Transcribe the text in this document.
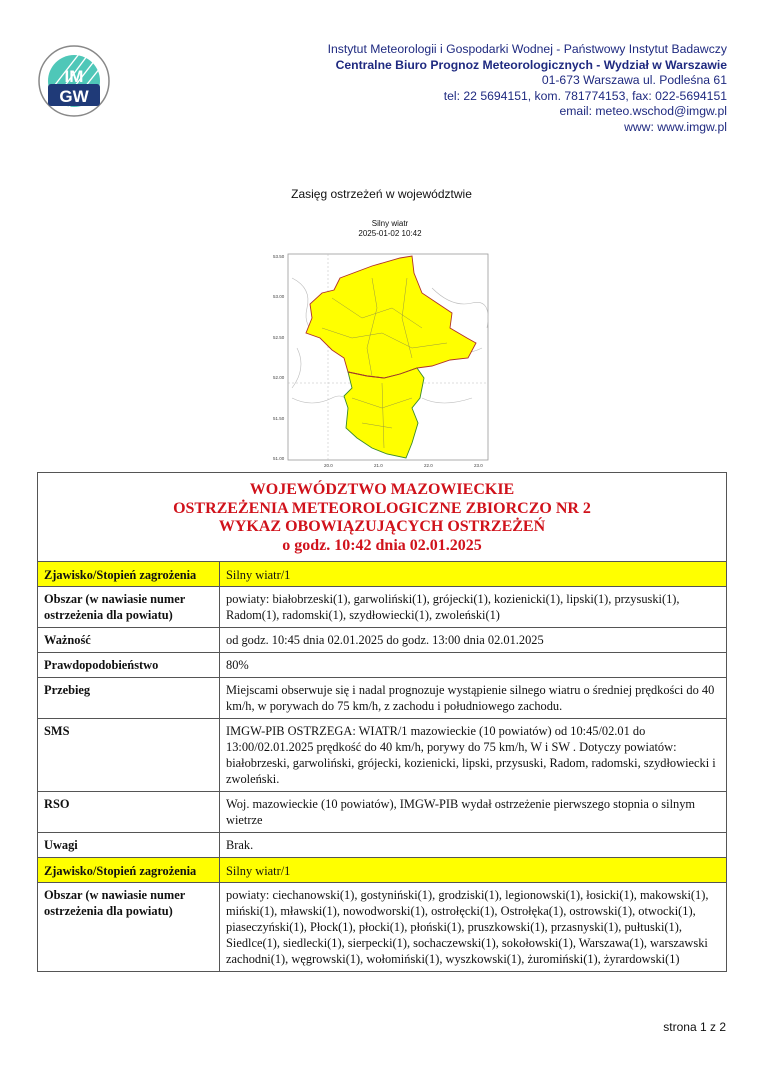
IM
GW
Instytut Meteorologii i Gospodarki Wodnej - Państwowy Instytut Badawczy
Centralne Biuro Prognoz Meteorologicznych - Wydział w Warszawie
01-673 Warszawa ul. Podleśna 61
tel: 22 5694151, kom. 781774153, fax: 022-5694151
email: meteo.wschod@imgw.pl
www: www.imgw.pl
Zasięg ostrzeżeń w województwie
Silny wiatr
2025-01-02 10:42
53.50
53.00
52.50
52.00
51.50
51.00
20.0	21.0	22.0	23.0
WOJEWÓDZTWO MAZOWIECKIE
OSTRZEŻENIA METEOROLOGICZNE ZBIORCZO NR 2
WYKAZ OBOWIĄZUJĄCYCH OSTRZEŻEŃ
o godz. 10:42 dnia 02.01.2025	

Zjawisko/Stopień zagrożenia	Silny wiatr/1
Obszar (w nawiasie numer ostrzeżenia dla powiatu)	powiaty: białobrzeski(1), garwoliński(1), grójecki(1), kozienicki(1), lipski(1), przysuski(1), Radom(1), radomski(1), szydłowiecki(1), zwoleński(1)
Ważność	od godz. 10:45 dnia 02.01.2025 do godz. 13:00 dnia 02.01.2025
Prawdopodobieństwo	80%
Przebieg	Miejscami obserwuje się i nadal prognozuje wystąpienie silnego wiatru o średniej prędkości do 40 km/h, w porywach do 75 km/h, z zachodu i południowego zachodu.
SMS	IMGW-PIB OSTRZEGA: WIATR/1 mazowieckie (10 powiatów) od 10:45/02.01 do 13:00/02.01.2025 prędkość do 40 km/h, porywy do 75 km/h, W i SW . Dotyczy powiatów: białobrzeski, garwoliński, grójecki, kozienicki, lipski, przysuski, Radom, radomski, szydłowiecki i zwoleński.
RSO	Woj. mazowieckie (10 powiatów), IMGW-PIB wydał ostrzeżenie pierwszego stopnia o silnym wietrze
Uwagi	Brak.
Zjawisko/Stopień zagrożenia	Silny wiatr/1
Obszar (w nawiasie numer ostrzeżenia dla powiatu)	powiaty: ciechanowski(1), gostyniński(1), grodziski(1), legionowski(1), łosicki(1), makowski(1), miński(1), mławski(1), nowodworski(1), ostrołęcki(1), Ostrołęka(1), ostrowski(1), otwocki(1), piaseczyński(1), Płock(1), płocki(1), płoński(1), pruszkowski(1), przasnyski(1), pułtuski(1), Siedlce(1), siedlecki(1), sierpecki(1), sochaczewski(1), sokołowski(1), Warszawa(1), warszawski zachodni(1), węgrowski(1), wołomiński(1), wyszkowski(1), żuromiński(1), żyrardowski(1)
strona 1 z 2
